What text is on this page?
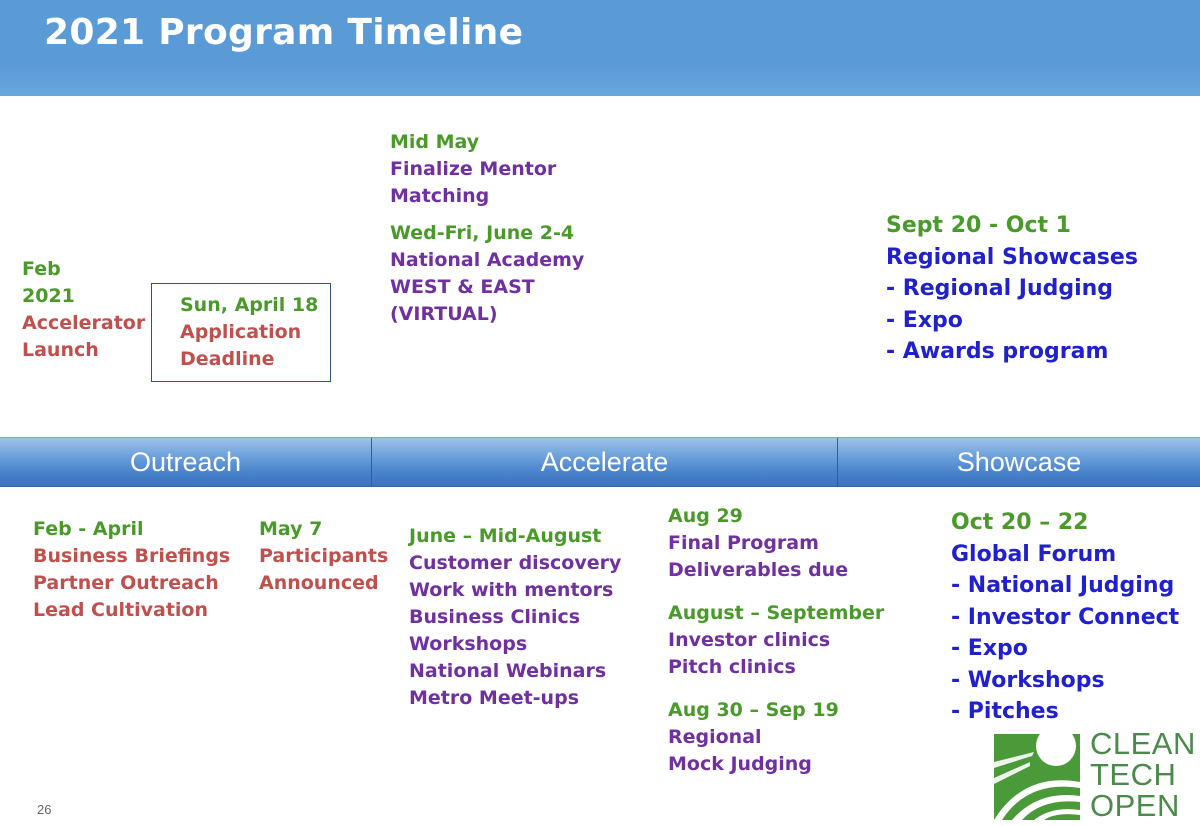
2021 Program Timeline
Feb
2021
Accelerator
Launch
Sun, April 18
Application
Deadline
Mid May
Finalize Mentor
Matching
Wed-Fri, June 2-4
National Academy
WEST & EAST
(VIRTUAL)
Sept 20 - Oct 1
Regional Showcases
- Regional Judging
- Expo
- Awards program
Outreach	Accelerate	Showcase
Feb - April
Business Briefings
Partner Outreach
Lead Cultivation
May 7
Participants
Announced
June – Mid-August
Customer discovery
Work with mentors
Business Clinics
Workshops
National Webinars
Metro Meet-ups
Aug 29
Final Program
Deliverables due
August – September
Investor clinics
Pitch clinics
Aug 30 – Sep 19
Regional
Mock Judging
Oct 20 – 22
Global Forum
- National Judging
- Investor Connect
- Expo
- Workshops
- Pitches
26
CLEAN
TECH
OPEN
